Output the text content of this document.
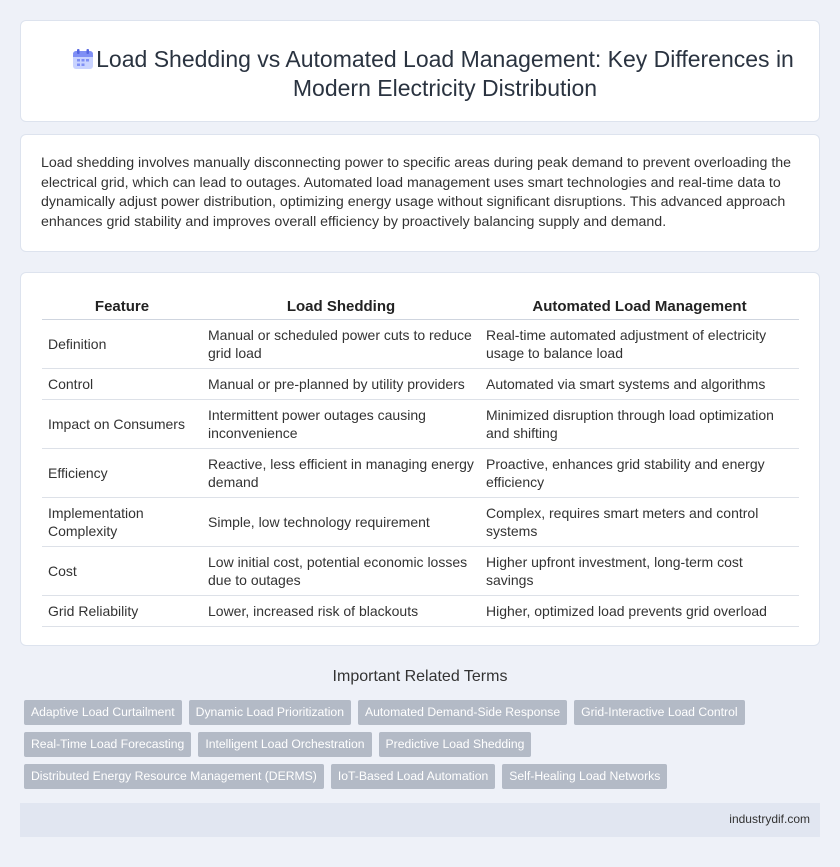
Load Shedding vs Automated Load Management: Key Differences in Modern Electricity Distribution

Load shedding involves manually disconnecting power to specific areas during peak demand to prevent overloading the electrical grid, which can lead to outages. Automated load management uses smart technologies and real-time data to dynamically adjust power distribution, optimizing energy usage without significant disruptions. This advanced approach enhances grid stability and improves overall efficiency by proactively balancing supply and demand.

Feature	Load Shedding	Automated Load Management
Definition	Manual or scheduled power cuts to reduce grid load	Real-time automated adjustment of electricity usage to balance load
Control	Manual or pre-planned by utility providers	Automated via smart systems and algorithms
Impact on Consumers	Intermittent power outages causing inconvenience	Minimized disruption through load optimization and shifting
Efficiency	Reactive, less efficient in managing energy demand	Proactive, enhances grid stability and energy efficiency
Implementation Complexity	Simple, low technology requirement	Complex, requires smart meters and control systems
Cost	Low initial cost, potential economic losses due to outages	Higher upfront investment, long-term cost savings
Grid Reliability	Lower, increased risk of blackouts	Higher, optimized load prevents grid overload
Important Related Terms
Adaptive Load Curtailment	Dynamic Load Prioritization	Automated Demand-Side Response	Grid-Interactive Load Control
Real-Time Load Forecasting	Intelligent Load Orchestration	Predictive Load Shedding
Distributed Energy Resource Management (DERMS)	IoT-Based Load Automation	Self-Healing Load Networks
industrydif.com
